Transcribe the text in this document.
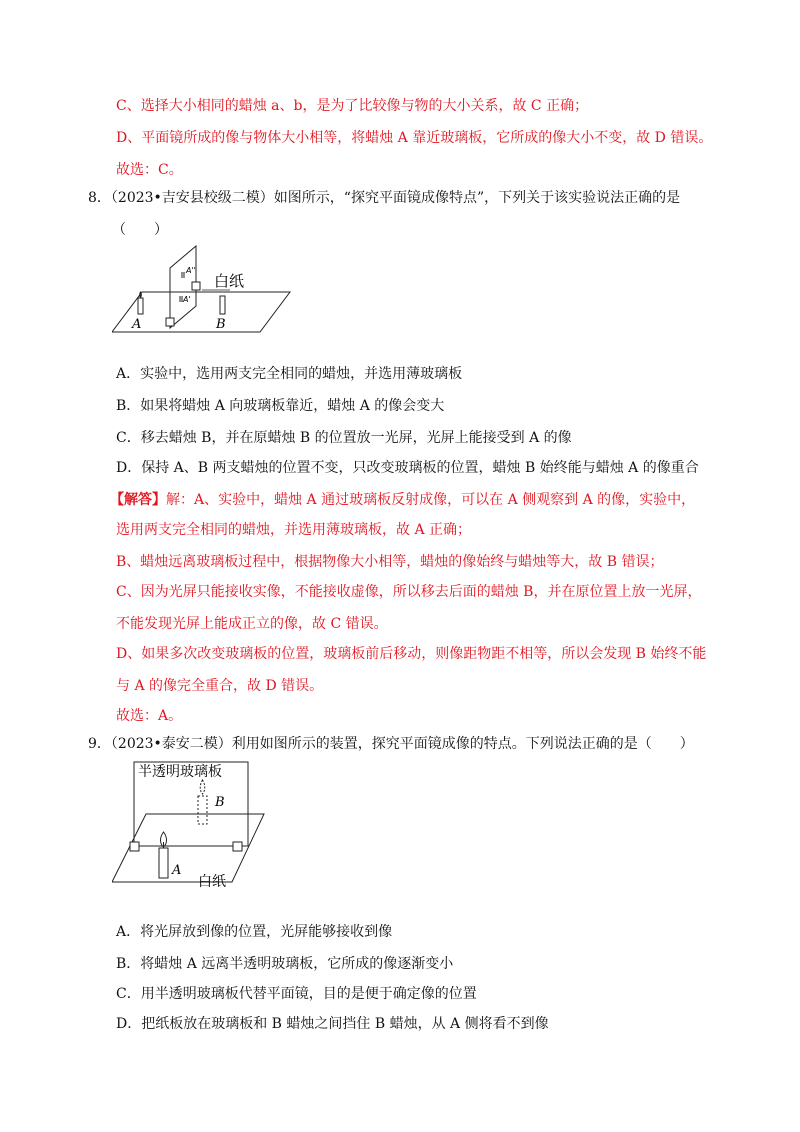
C、选择大小相同的蜡烛 a、b，是为了比较像与物的大小关系，故 C 正确；
D、平面镜所成的像与物体大小相等，将蜡烛 A 靠近玻璃板，它所成的像大小不变，故 D 错误。
故选：C。
8．（2023•吉安县校级二模）如图所示，“探究平面镜成像特点”，下列关于该实验说法正确的是
（　　）
A''
A'
A	B
白纸
A．实验中，选用两支完全相同的蜡烛，并选用薄玻璃板
B．如果将蜡烛 A 向玻璃板靠近，蜡烛 A 的像会变大
C．移去蜡烛 B，并在原蜡烛 B 的位置放一光屏，光屏上能接受到 A 的像
D．保持 A、B 两支蜡烛的位置不变，只改变玻璃板的位置，蜡烛 B 始终能与蜡烛 A 的像重合
【解答】解：A、实验中，蜡烛 A 通过玻璃板反射成像，可以在 A 侧观察到 A 的像，实验中，
选用两支完全相同的蜡烛，并选用薄玻璃板，故 A 正确；
B、蜡烛远离玻璃板过程中，根据物像大小相等，蜡烛的像始终与蜡烛等大，故 B 错误；
C、因为光屏只能接收实像，不能接收虚像，所以移去后面的蜡烛 B，并在原位置上放一光屏，
不能发现光屏上能成正立的像，故 C 错误。
D、如果多次改变玻璃板的位置，玻璃板前后移动，则像距物距不相等，所以会发现 B 始终不能
与 A 的像完全重合，故 D 错误。
故选：A。
9．（2023•泰安二模）利用如图所示的装置，探究平面镜成像的特点。下列说法正确的是（　　）
A
B
半透明玻璃板
白纸
A．将光屏放到像的位置，光屏能够接收到像
B．将蜡烛 A 远离半透明玻璃板，它所成的像逐渐变小
C．用半透明玻璃板代替平面镜，目的是便于确定像的位置
D．把纸板放在玻璃板和 B 蜡烛之间挡住 B 蜡烛，从 A 侧将看不到像
